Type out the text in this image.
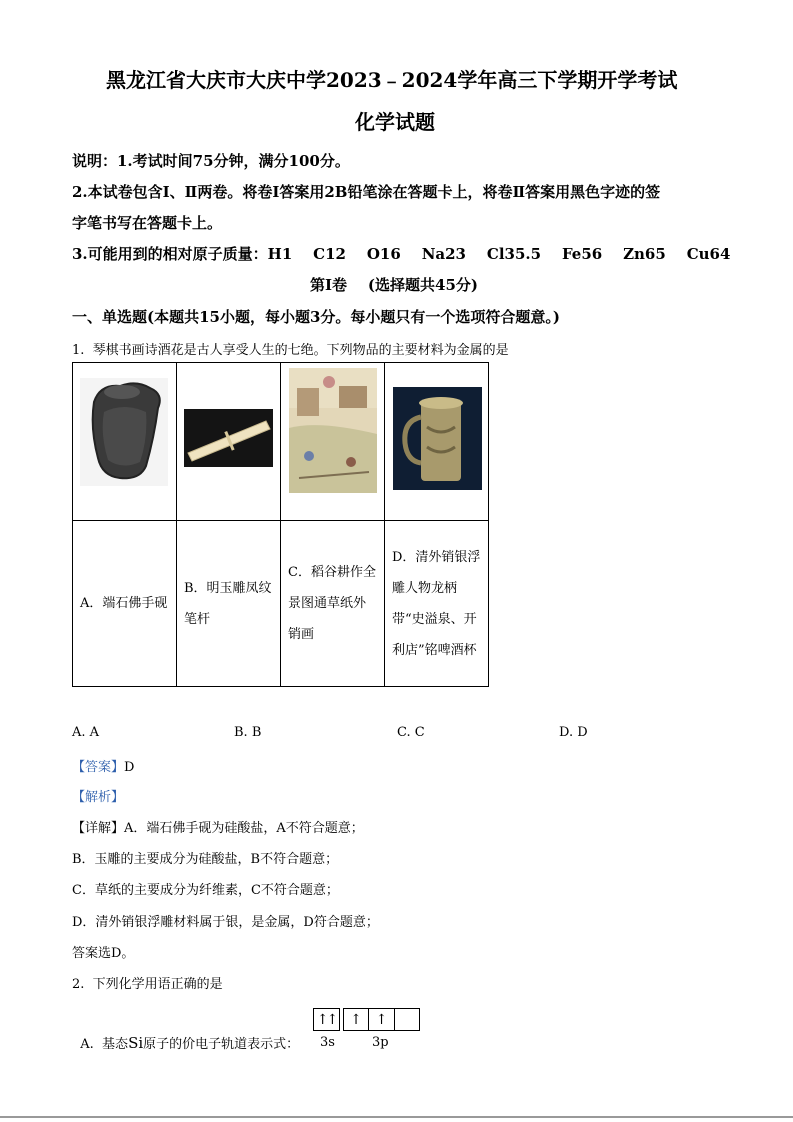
黑龙江省大庆市大庆中学2023﹣2024学年高三下学期开学考试
化学试题
说明：1.考试时间75分钟，满分100分。
2.本试卷包含Ⅰ、Ⅱ两卷。将卷Ⅰ答案用2B铅笔涂在答题卡上，将卷Ⅱ答案用黑色字迹的签
字笔书写在答题卡上。
3.可能用到的相对原子质量：H1    C12    O16    Na23    Cl35.5    Fe56    Zn65    Cu64
第Ⅰ卷    (选择题共45分)
一、单选题(本题共15小题，每小题3分。每小题只有一个选项符合题意。)
1.  琴棋书画诗酒花是古人享受人生的七绝。下列物品的主要材料为金属的是

A．端石佛手砚	B．明玉雕凤纹笔杆	C．稻谷耕作全景图通草纸外销画	D．清外销银浮雕人物龙柄带“史溢泉、开利店”铭啤酒杯
A. A	B. B	C. C	D. D
【答案】D
【解析】
【详解】A．端石佛手砚为硅酸盐，A不符合题意；
B．玉雕的主要成分为硅酸盐，B不符合题意；
C．草纸的主要成分为纤维素，C不符合题意；
D．清外销银浮雕材料属于银，是金属，D符合题意；
答案选D。
2.  下列化学用语正确的是

A.  基态Si原子的价电子轨道表示式：

↑↑ ↑ ↑
3s	3p
